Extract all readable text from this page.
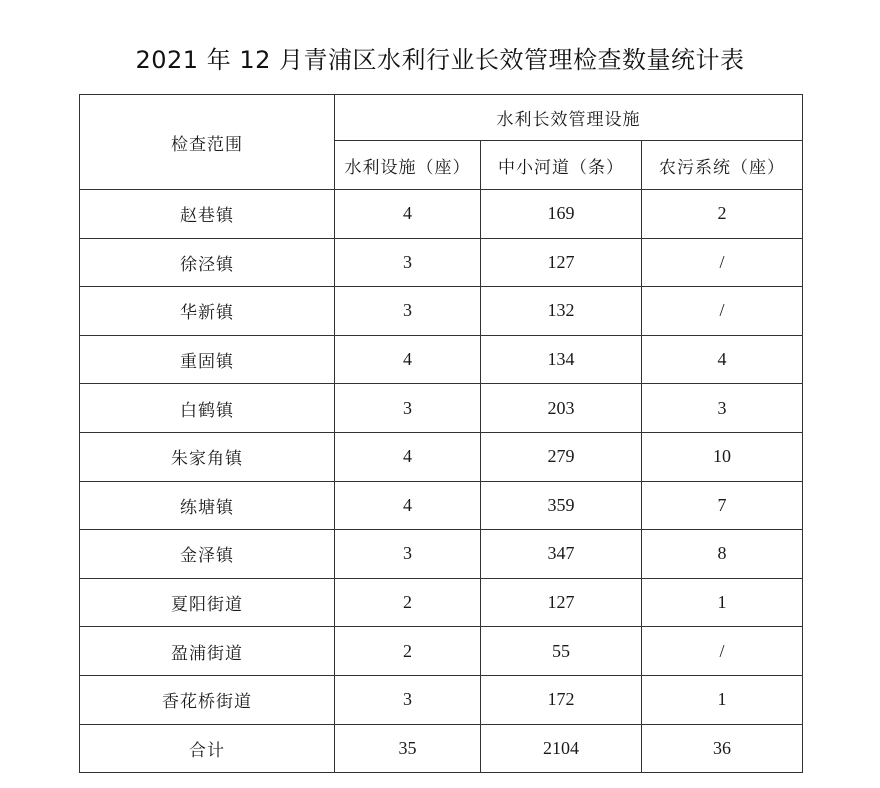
2021 年 12 月青浦区水利行业长效管理检查数量统计表
检查范围	水利长效管理设施		
	水利设施（座）	中小河道（条）	农污系统（座）
赵巷镇	4	169	2
徐泾镇	3	127	/
华新镇	3	132	/
重固镇	4	134	4
白鹤镇	3	203	3
朱家角镇	4	279	10
练塘镇	4	359	7
金泽镇	3	347	8
夏阳街道	2	127	1
盈浦街道	2	55	/
香花桥街道	3	172	1
合计	35	2104	36
